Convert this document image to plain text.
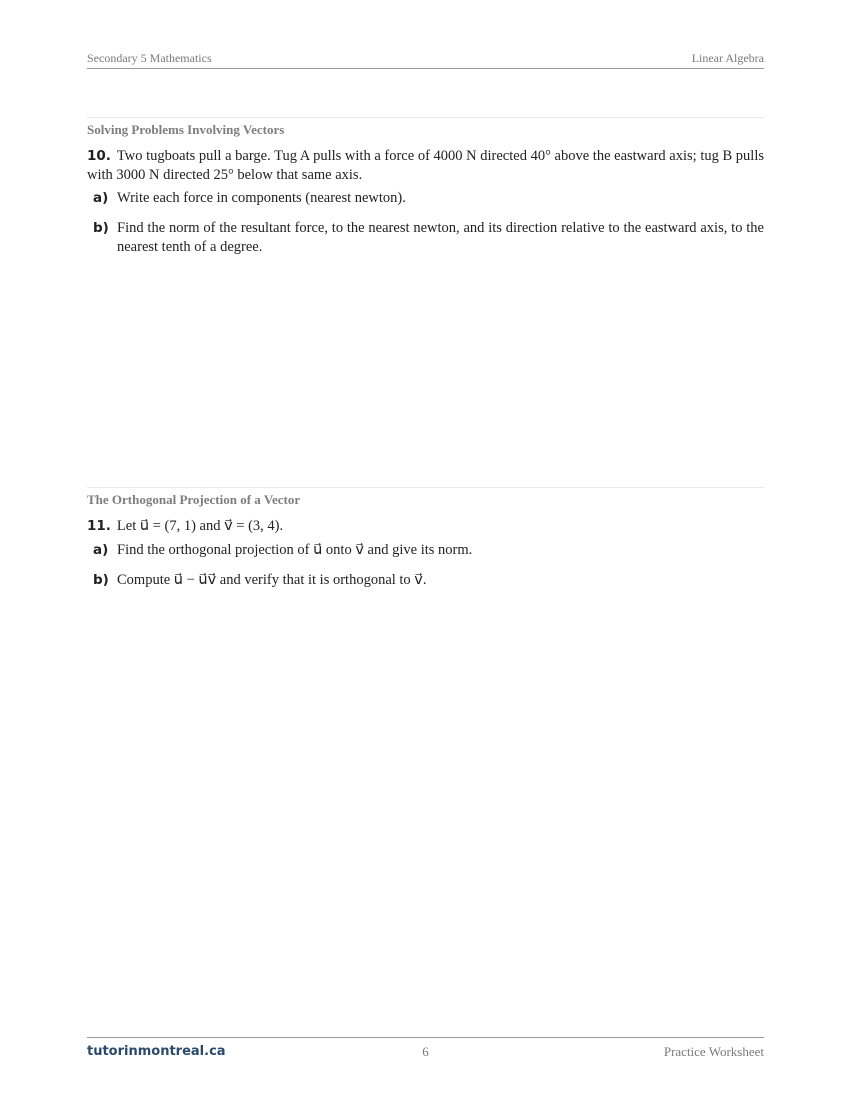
Secondary 5 Mathematics	Linear Algebra
Solving Problems Involving Vectors
10. Two tugboats pull a barge. Tug A pulls with a force of 4000 N directed 40° above the eastward axis; tug B pulls with 3000 N directed 25° below that same axis.
a) Write each force in components (nearest newton).
b) Find the norm of the resultant force, to the nearest newton, and its direction relative to the eastward axis, to the nearest tenth of a degree.
The Orthogonal Projection of a Vector
11. Let u⃗ = (7, 1) and v⃗ = (3, 4).
a) Find the orthogonal projection of u⃗ onto v⃗ and give its norm.
b) Compute u⃗ − u⃗v⃗ and verify that it is orthogonal to v⃗.
tutorinmontreal.ca	6	Practice Worksheet
